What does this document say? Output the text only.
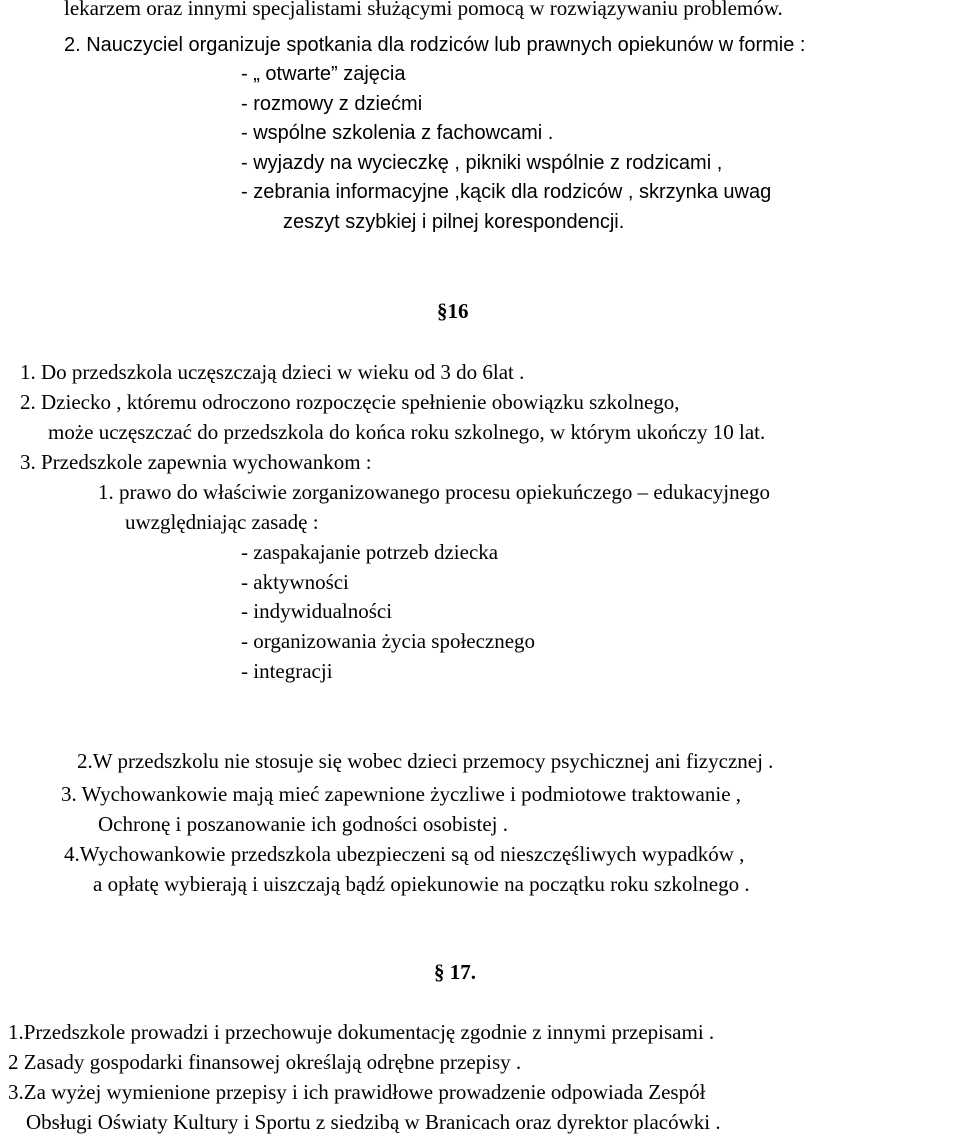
lekarzem oraz innymi specjalistami służącymi pomocą w rozwiązywaniu problemów.
2. Nauczyciel organizuje spotkania dla rodziców lub prawnych opiekunów w formie :
- „ otwarte” zajęcia
- rozmowy z dziećmi
- wspólne szkolenia z fachowcami .
- wyjazdy na wycieczkę , pikniki wspólnie z rodzicami ,
- zebrania informacyjne ,kącik dla rodziców , skrzynka uwag
zeszyt szybkiej i pilnej korespondencji.
§16
1. Do przedszkola uczęszczają dzieci w wieku od 3 do 6lat .
2. Dziecko , któremu odroczono rozpoczęcie spełnienie obowiązku szkolnego,
może uczęszczać do przedszkola do końca roku szkolnego, w którym ukończy 10 lat.
3. Przedszkole zapewnia wychowankom :
1. prawo do właściwie zorganizowanego procesu opiekuńczego – edukacyjnego
uwzględniając zasadę :
- zaspakajanie potrzeb dziecka
- aktywności
- indywidualności
- organizowania życia społecznego
- integracji
2.W przedszkolu nie stosuje się wobec dzieci przemocy psychicznej ani fizycznej .
3. Wychowankowie mają mieć zapewnione życzliwe i podmiotowe traktowanie ,
Ochronę i poszanowanie ich godności osobistej .
4.Wychowankowie przedszkola ubezpieczeni są od nieszczęśliwych wypadków ,
a opłatę wybierają i uiszczają bądź opiekunowie na początku roku szkolnego .
§ 17.
1.Przedszkole prowadzi i przechowuje dokumentację zgodnie z innymi przepisami .
2 Zasady gospodarki finansowej określają odrębne przepisy .
3.Za wyżej wymienione przepisy i ich prawidłowe prowadzenie odpowiada Zespół
Obsługi Oświaty Kultury i Sportu z siedzibą w Branicach oraz dyrektor placówki .
